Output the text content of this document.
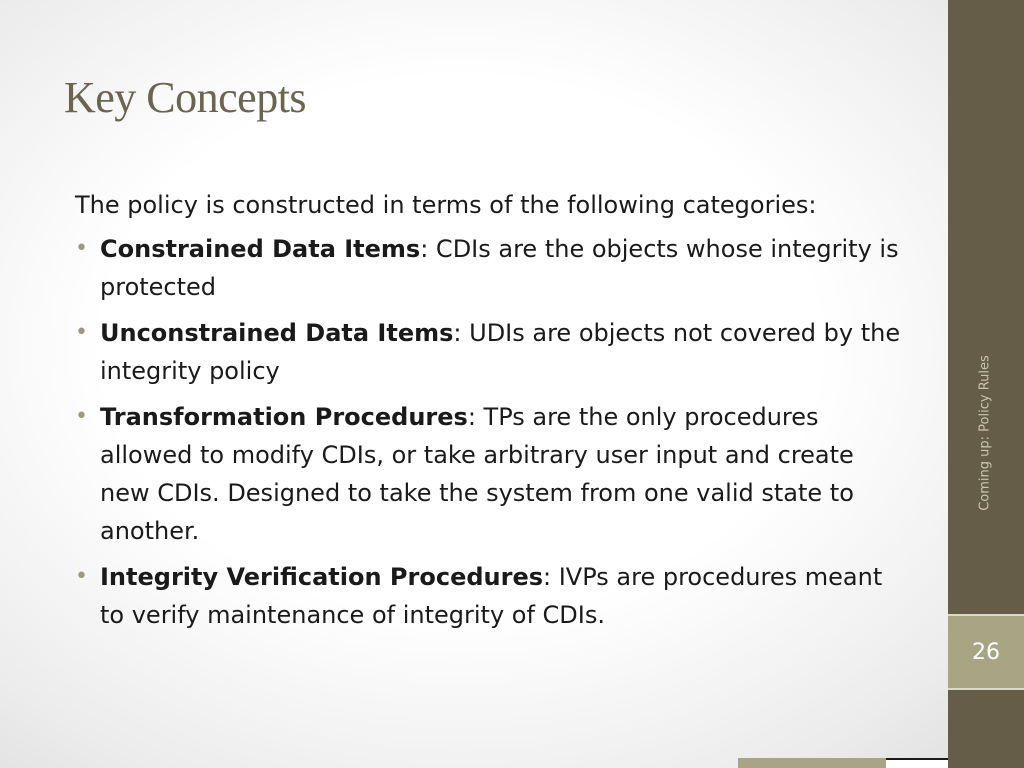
Key Concepts

The policy is constructed in terms of the following categories:

• Constrained Data Items: CDIs are the objects whose integrity is protected
• Unconstrained Data Items: UDIs are objects not covered by the integrity policy
• Transformation Procedures: TPs are the only procedures allowed to modify CDIs, or take arbitrary user input and create new CDIs. Designed to take the system from one valid state to another.
• Integrity Verification Procedures: IVPs are procedures meant to verify maintenance of integrity of CDIs.
Coming up: Policy Rules
26
